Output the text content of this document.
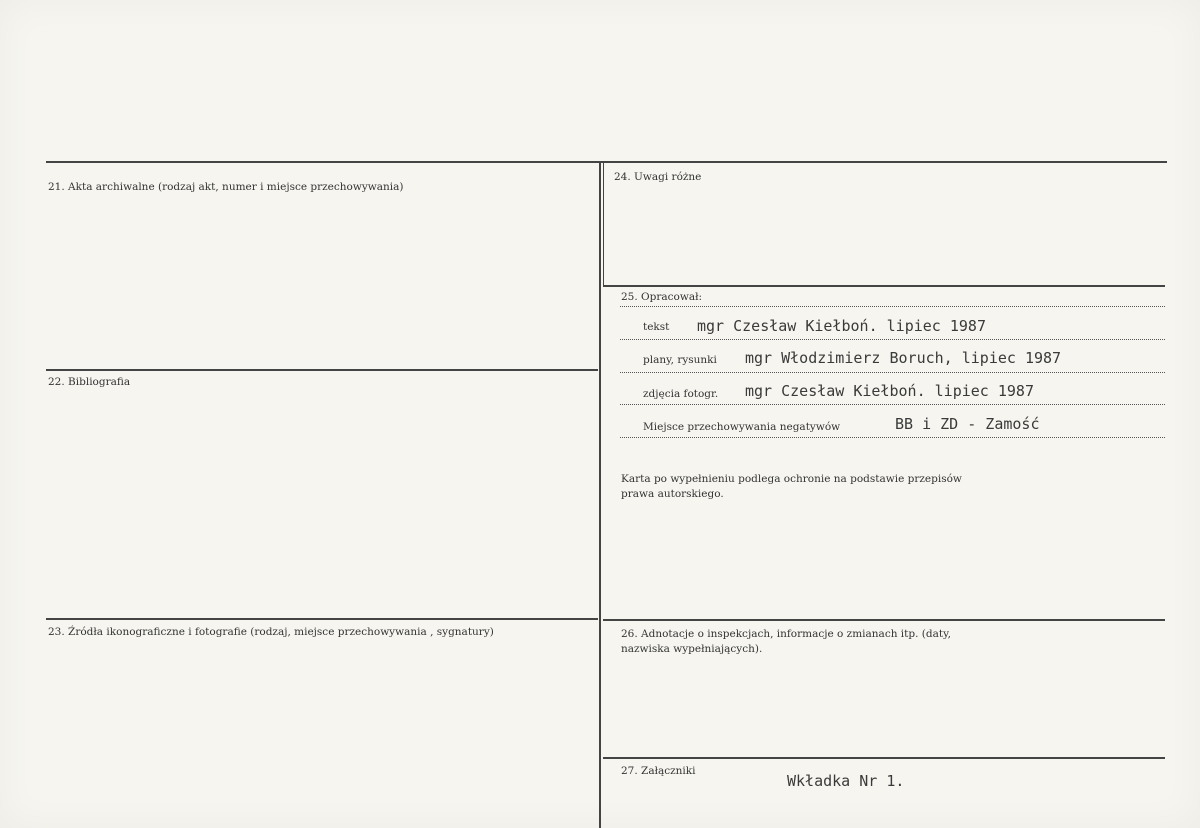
21. Akta archiwalne (rodzaj akt, numer i miejsce przechowywania)
22. Bibliografia
23. Źródła ikonograficzne i fotografie (rodzaj, miejsce przechowywania , sygnatury)
24. Uwagi różne
25. Opracował:
tekst mgr Czesław Kiełboń. lipiec 1987
plany, rysunki mgr Włodzimierz Boruch, lipiec 1987
zdjęcia fotogr. mgr Czesław Kiełboń. lipiec 1987
Miejsce przechowywania negatywów	BB i ZD - Zamość
Karta po wypełnieniu podlega ochronie na podstawie przepisów
prawa autorskiego.
26. Adnotacje o inspekcjach, informacje o zmianach itp. (daty,
nazwiska wypełniających).
27. Załączniki
Wkładka Nr 1.
